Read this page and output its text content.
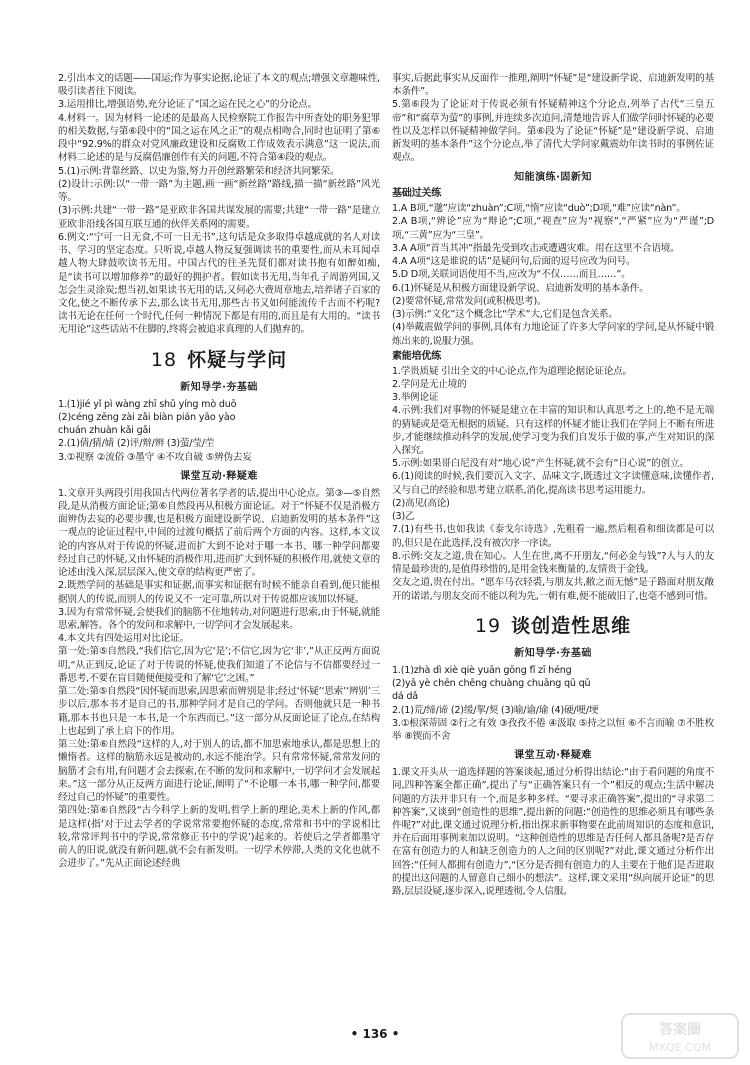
2.引出本文的话题——国运;作为事实论据,论证了本文的观点;增强文章趣味性,吸引读者往下阅读。

3.运用排比,增强语势,充分论证了“国之运在民之心”的分论点。

4.材料一。因为材料一论述的是最高人民检察院工作报告中所查处的职务犯罪的相关数据,与第⑥段中的“国之运在风之正”的观点相吻合,同时也证明了第⑥段中“92.9%的群众对党风廉政建设和反腐败工作成效表示满意”这一说法,而材料二论述的是与反腐倡廉创作有关的问题,不符合第④段的观点。

5.(1)示例:背靠丝路、以史为鉴,努力开创丝路繁荣和经济共同繁荣。

(2)设计:示例:以“一带一路”为主题,画一画“新丝路”路线,描一描“新丝路”风光等。

(3)示例:共建“一带一路”是亚欧非各国共谋发展的需要;共建“一带一路”是建立亚欧非沿线各国互联互通的伙伴关系网的需要。

6.例文:“宁可一日无食,不可一日无书”,这句话是众多取得卓越成就的名人对读书、学习的坚定态度。只听说,卓越人物反复强调读书的重要性,而从未耳闻卓越人物大肆鼓吹读书无用。中国古代的往圣先贤们都对读书抱有如醉如痴,是“读书可以增加修养”的最好的拥护者。假如读书无用,当年孔子周游列国,又怎会生灵涂炭;想当初,如果读书无用的话,又何必大费周章地去,培养诸子百家的文化,使之不断传承下去,那么读书无用,那些古书又如何能流传千古而不朽呢?读书无论在任何一个时代,任何一种情况下都是有用的,而且是有大用的。“读书无用论”这些话站不住脚的,终将会被追求真理的人们抛弃的。

18 怀疑与学问
新知导学·夯基础

1.(1)jié yǐ pì wàng zhī shǔ yíng mò duō

(2)céng zēng zài zǎi biàn pián yāo yào

chuán zhuàn kǎi gǎi

2.(1)倩/猜/婧 (2)评/辩/辨 (3)萤/莹/茔

3.①视察 ②流俗 ③墨守 ④不攻自破 ⑤辨伪去妄

课堂互动·释疑难

1.文章开头两段引用我国古代两位著名学者的话,提出中心论点。第③—⑤自然段,是从消极方面论证;第⑥自然段再从积极方面论证。对于“怀疑不仅是消极方面辨伪去妄的必要步骤,也是积极方面建设新学说、启迪新发明的基本条件”这一观点的论证过程中,中间的过渡句概括了前后两个方面的内容。这样,本文议论的内容从对于传说的怀疑,进而扩大到不论对于哪一本书、哪一种学问都要经过自己的怀疑,又由怀疑的消极作用,进而扩大到怀疑的积极作用,就使文章的论述由浅入深,层层深入,使文章的结构更严密了。

2.既然学问的基础是事实和证据,而事实和证据有时候不能亲自看到,便只能根据别人的传说,而别人的传说又不一定可靠,所以对于传说都应该加以怀疑。

3.因为有常常怀疑,会使我们的脑筋不住地转动,对问题进行思索,由于怀疑,就能思索,解答。各个的发问和求解中,一切学问才会发展起来。

4.本文共有四处运用对比论证。

第一处:第⑤自然段,“我们信它,因为它‘是’;不信它,因为它‘非’,”从正反两方面说明,“从正到反,论证了对于传说的怀疑,使我们知道了不论信与不信都要经过一番思考,不要在盲目随便便接受和了解‘它’之困。”

第二处:第⑤自然段“因怀疑而思索,因思索而辨别是非;经过‘怀疑’‘思索’‘辨别’三步以后,那本书才是自己的书,那种学问才是自己的学问。否则他就只是一种书籍,那本书也只是一本书,是一个东西而已。”这一部分从反面论证了论点,在结构上也起到了承上启下的作用。

第三处:第⑥自然段“这样的人,对于别人的话,都不加思索地承认,都是思想上的懒惰者。这样的脑筋永远是被动的,永远不能治学。只有常常怀疑,常常发问的脑筋才会有用,有问题才会去探索,在不断的发问和求解中,一切学问才会发展起来。”这一部分从正反两方面进行论证,阐明了“不论哪一本书,哪一种学问,都要经过自己的怀疑”的重要性。

第四处:第⑥自然段“古今科学上新的发明,哲学上新的理论,美术上新的作风,都是这样(指‘对于过去学者的学说常常要抱怀疑的态度,常常和书中的学说相比较,常常评判书中的学说,常常修正书中的学说’)起来的。若使后之学者都墨守前人的旧说,就没有新问题,就不会有新发明。一切学术停滞,人类的文化也就不会进步了。”先从正面论述经典

事实,后据此事实从反面作一推理,阐明“怀疑”是“建设新学说、启迪新发明的基本条件”。

5.第⑥段为了论证对于传说必须有怀疑精神这个分论点,列举了古代“三皇五帝”和“腐草为萤”的事例,并连续多次追问,清楚地告诉人们做学问时怀疑的必要性以及怎样以怀疑精神做学问。第⑥段为了论证“怀疑”是“建设新学说、启迪新发明的基本条件”这个分论点,举了清代大学问家戴震幼年读书时的事例佐证观点。

知能演练·固新知
基础过关练

1.A B项,“邈”应读“zhuàn”;C项,“惰”应读“duò”;D项,“难”应读“nàn”。

2.A B项,“辨论”应为“辩论”;C项,“视查”应为“视察”,“严紧”应为“严谨”;D项,“三黄”应为“三皇”。

3.A A项“首当其冲”指最先受到攻击或遭遇灾难。用在这里不合语境。

4.A A项“这是谁说的话”是疑问句,后面的逗号应改为问号。

5.D D项,关联词语使用不当,应改为“不仅……而且……”。

6.(1)怀疑是从积极方面建设新学说、启迪新发明的基本条件。

(2)要常怀疑,常常发问(或积极思考)。

(3)示例:“文化”这个概念比“学术”大,它们是包含关系。

(4)举戴震做学问的事例,具体有力地论证了许多大学问家的学问,是从怀疑中锻炼出来的,说服力强。

素能培优练

1.学贵质疑 引出全文的中心论点,作为道理论据论证论点。

2.学问是无止境的

3.举例论证

4.示例:我们对事物的怀疑是建立在丰富的知识和认真思考之上的,绝不是无端的猜疑或是毫无根据的质疑。只有这样的怀疑才能让我们在学问上不断有所进步,才能继续推动科学的发展,使学习变为我们自发乐于做的事,产生对知识的深入探究。

5.示例:如果哥白尼没有对“地心说”产生怀疑,就不会有“日心说”的创立。

6.(1)阅读的时候,我们要沉入文字、品味文字,既透过文字读懂意味,读懂作者,又与自己的经验和思考建立联系,消化,提高读书思考运用能力。

(2)高见(高论)

(3)乙

7.(1)有些书,也如我读《泰戈尔诗选》,先粗看一遍,然后粗看和细读都是可以的,但只是在此选择,没有被次序一序读。

8.示例:交友之道,贵在知心。人生在世,离不开朋友,“何必金与钱”?人与人的友情是最珍贵的,是值得珍惜的,是用金钱来衡量的,友情贵于金钱。

交友之道,贵在付出。“愿车马衣轻裘,与朋友共,敝之而无憾”是子路面对朋友敞开的诺诺,与朋友交而不能以利为先,一朝有难,便不能破旧了,也毫不感到可惜。

19 谈创造性思维
新知导学·夯基础

1.(1)zhà dì xiè qiè yuān gōng fǐ zī héng

(2)yā yè chēn chēng chuàng chuāng qū qǔ

dá dǎ

2.(1)荒/缔/谛 (2)缓/挈/契 (3)喻/谕/瑜 (4)硬/哽/埂

3.①根深蒂固 ②行之有效 ③孜孜不倦 ④汲取 ⑤持之以恒 ⑥不言而喻 ⑦不胜枚举 ⑧锲而不舍

课堂互动·释疑难

1.课文开头从一道选择题的答案谈起,通过分析得出结论:“由于看问题的角度不同,四种答案全都正确”,提出了与“正确答案只有一个”相反的观点;生活中解决问题的方法并非只有一个,而是多种多样。“要寻求正确答案”,提出的“寻求第二种答案”,又谈到“创造性的思维”,提出新的问题:“创造性的思维必须具有哪些条件呢?”对此,课文通过说理分析,指出探求新事物要在此前周知识的态度和意识,并在后面用事例来加以说明。“这种创造性的思维是否任何人都具备呢?是否存在富有创造力的人和缺乏创造力的人之间的区别呢?”对此,课文通过分析作出回答:“任何人都拥有创造力”,“区分是否拥有创造力的人主要在于他们是否进取的提出这问题的人留意自己细小的想法”。这样,课文采用“纵向展开论证”的思路,层层设疑,逐步深入,说理透彻,令人信服。

• 136 •	答案圈
MXQE.COM
